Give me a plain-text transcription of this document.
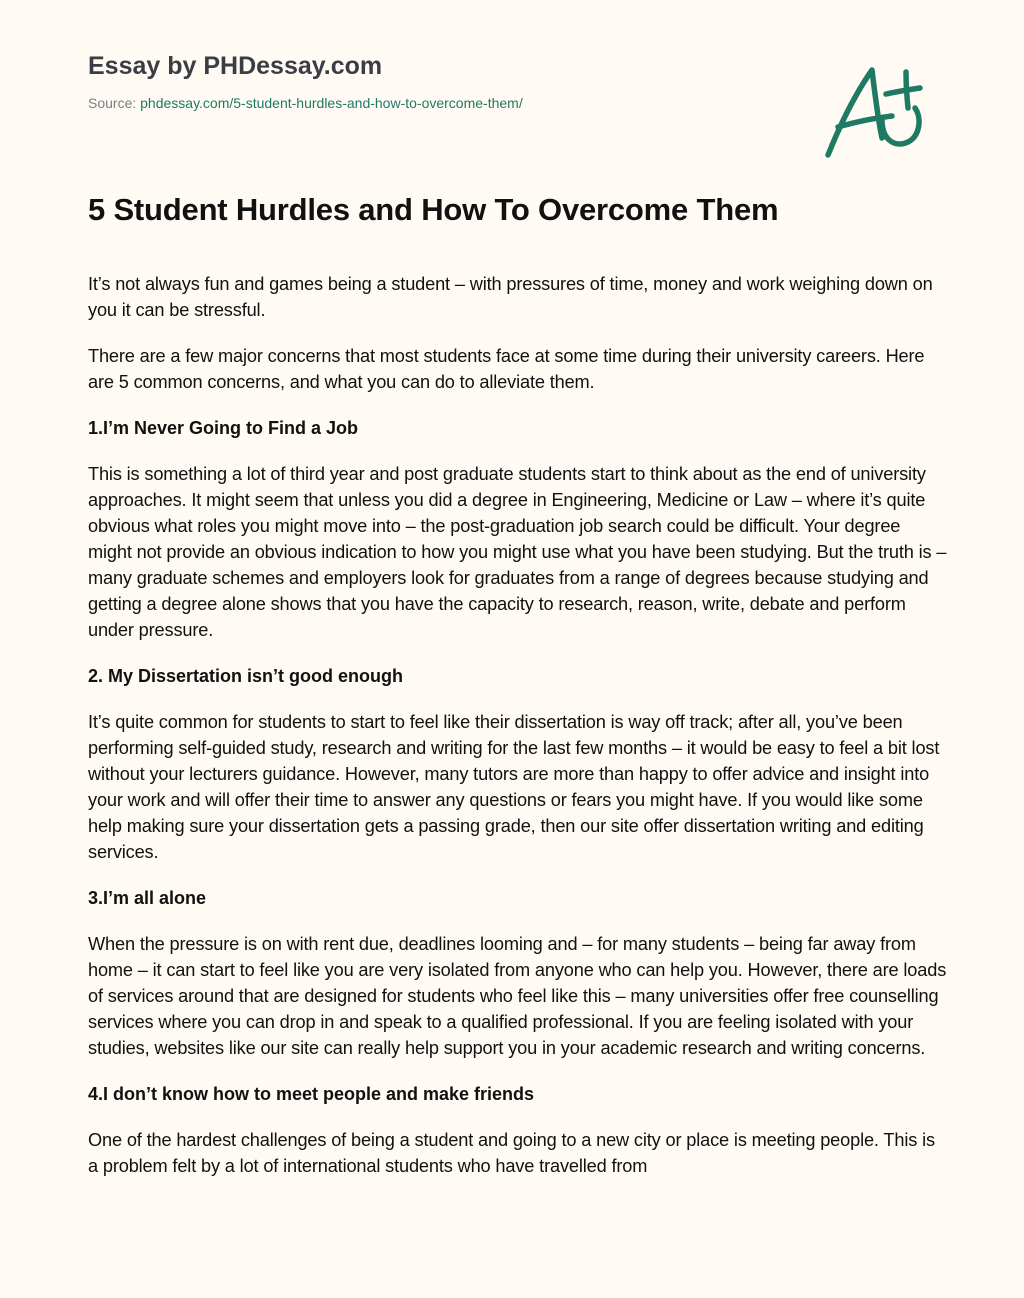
Essay by PHDessay.com
Source: phdessay.com/5-student-hurdles-and-how-to-overcome-them/
5 Student Hurdles and How To Overcome Them

It’s not always fun and games being a student – with pressures of time, money and work weighing down on you it can be stressful.

There are a few major concerns that most students face at some time during their university careers. Here are 5 common concerns, and what you can do to alleviate them.

1.I’m Never Going to Find a Job

This is something a lot of third year and post graduate students start to think about as the end of university approaches. It might seem that unless you did a degree in Engineering, Medicine or Law – where it’s quite obvious what roles you might move into – the post-graduation job search could be difficult. Your degree might not provide an obvious indication to how you might use what you have been studying. But the truth is – many graduate schemes and employers look for graduates from a range of degrees because studying and getting a degree alone shows that you have the capacity to research, reason, write, debate and perform under pressure.

2. My Dissertation isn’t good enough

It’s quite common for students to start to feel like their dissertation is way off track; after all, you’ve been performing self-guided study, research and writing for the last few months – it would be easy to feel a bit lost without your lecturers guidance. However, many tutors are more than happy to offer advice and insight into your work and will offer their time to answer any questions or fears you might have. If you would like some help making sure your dissertation gets a passing grade, then our site offer dissertation writing and editing services.

3.I’m all alone

When the pressure is on with rent due, deadlines looming and – for many students – being far away from home – it can start to feel like you are very isolated from anyone who can help you. However, there are loads of services around that are designed for students who feel like this – many universities offer free counselling services where you can drop in and speak to a qualified professional. If you are feeling isolated with your studies, websites like our site can really help support you in your academic research and writing concerns.

4.I don’t know how to meet people and make friends

One of the hardest challenges of being a student and going to a new city or place is meeting people. This is a problem felt by a lot of international students who have travelled from
